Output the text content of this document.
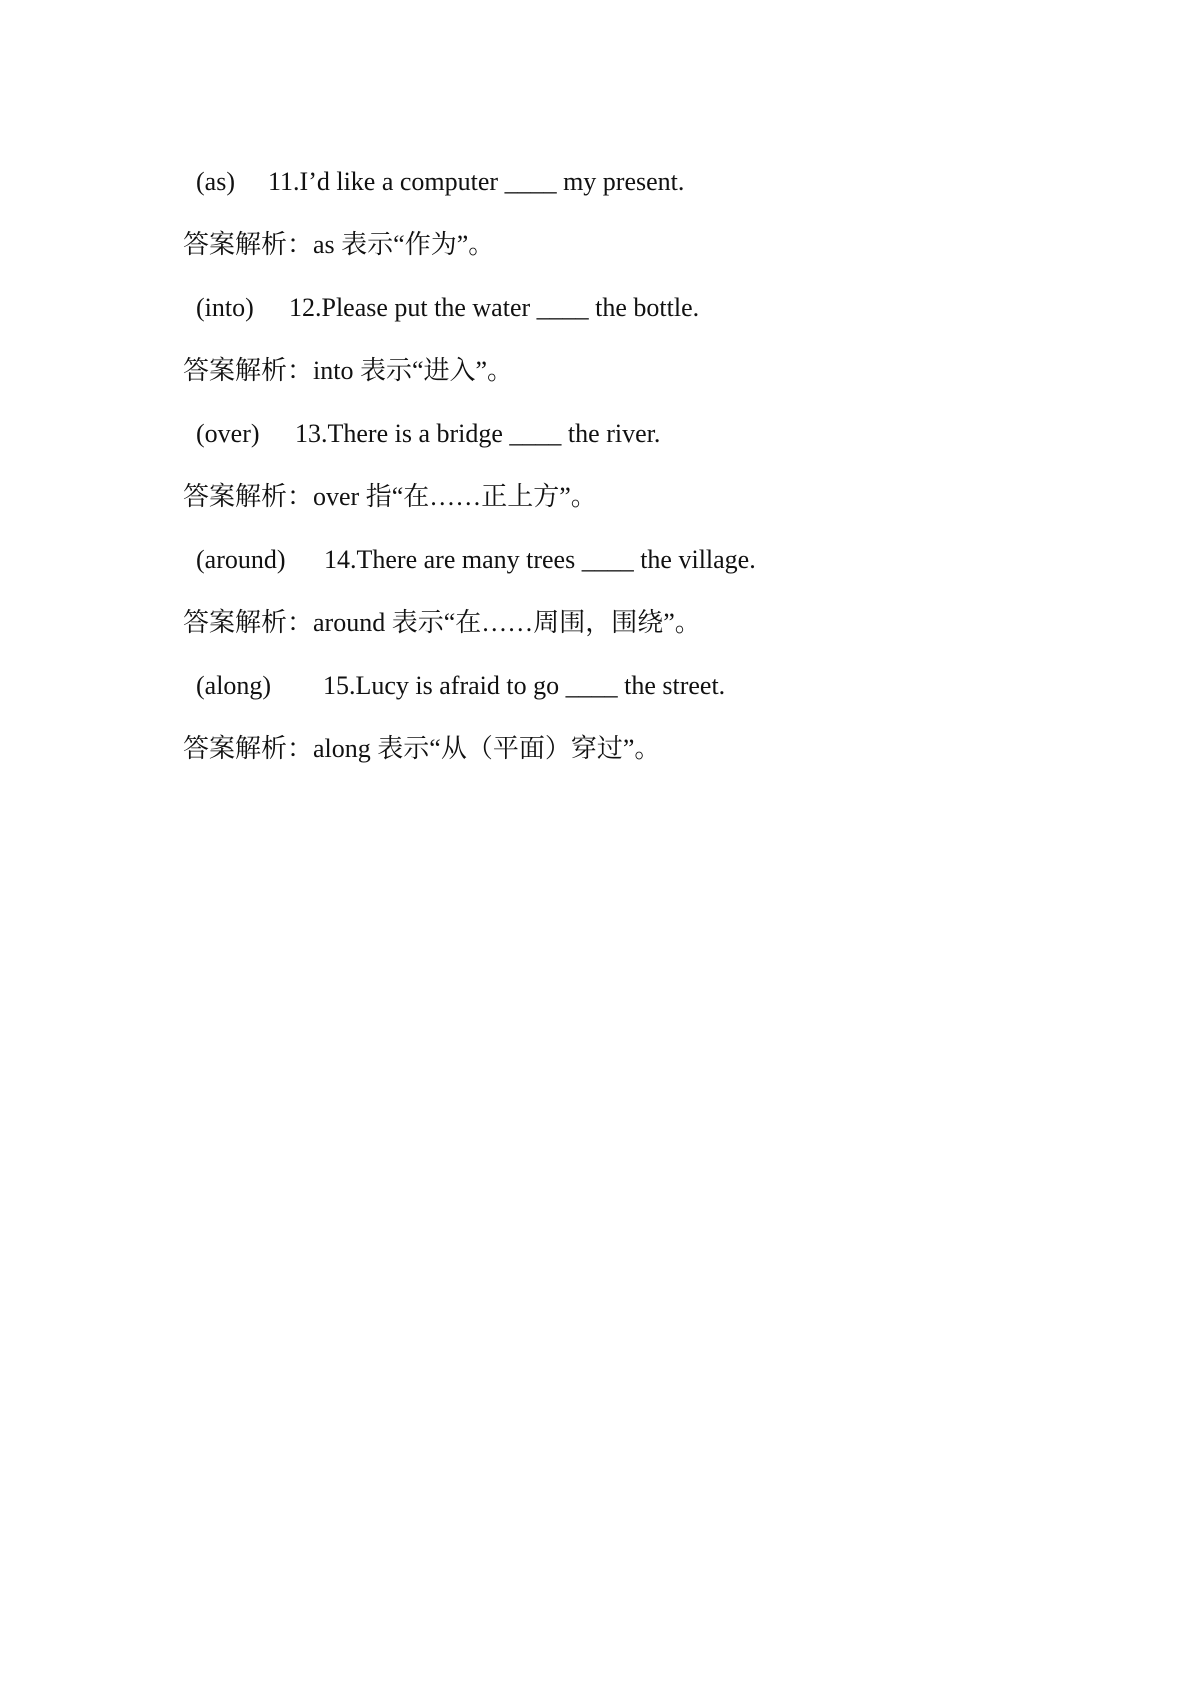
(as) 11.I’d like a computer ____ my present.
答案解析：as 表示“作为”。
(into) 12.Please put the water ____ the bottle.
答案解析：into 表示“进入”。
(over) 13.There is a bridge ____ the river.
答案解析：over 指“在……正上方”。
(around) 14.There are many trees ____ the village.
答案解析：around 表示“在……周围，围绕”。
(along) 15.Lucy is afraid to go ____ the street.
答案解析：along 表示“从（平面）穿过”。
